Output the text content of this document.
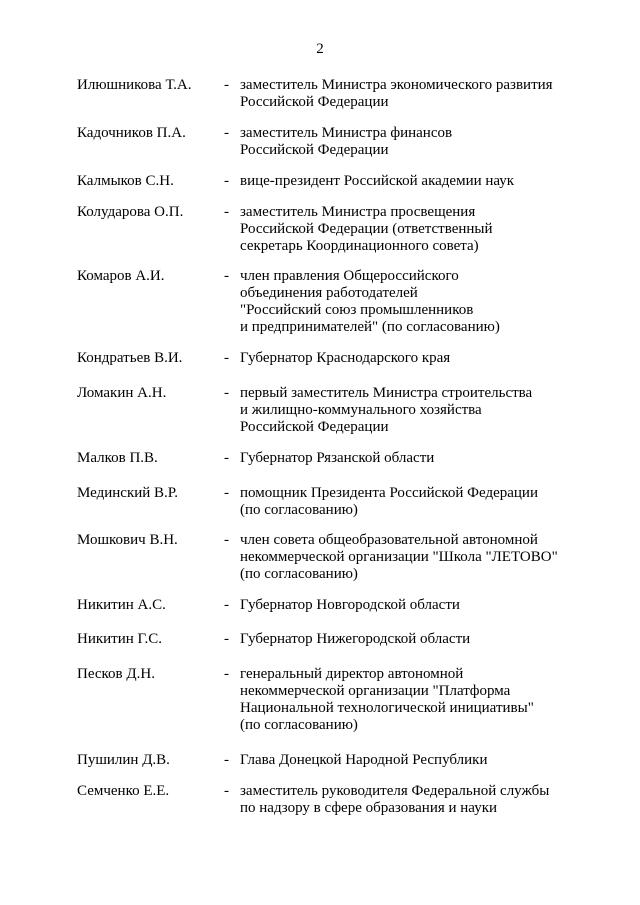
2
Илюшникова Т.А. - заместитель Министра экономического развития
Российской Федерации
Кадочников П.А.	- заместитель Министра финансов
Российской Федерации
Калмыков С.Н.	- вице-президент Российской академии наук
Колударова О.П.	- заместитель Министра просвещения
Российской Федерации (ответственный
секретарь Координационного совета)
Комаров А.И.	- член правления Общероссийского
объединения работодателей
"Российский союз промышленников
и предпринимателей" (по согласованию)
Кондратьев В.И.	- Губернатор Краснодарского края
Ломакин А.Н.	- первый заместитель Министра строительства
и жилищно-коммунального хозяйства
Российской Федерации
Малков П.В.	- Губернатор Рязанской области
Мединский В.Р.	- помощник Президента Российской Федерации
(по согласованию)
Мошкович В.Н.	- член совета общеобразовательной автономной
некоммерческой организации "Школа "ЛЕТОВО"
(по согласованию)
Никитин А.С.	- Губернатор Новгородской области
Никитин Г.С.	- Губернатор Нижегородской области
Песков Д.Н.	- генеральный директор автономной
некоммерческой организации "Платформа
Национальной технологической инициативы"
(по согласованию)
Пушилин Д.В.	- Глава Донецкой Народной Республики
Семченко Е.Е.	- заместитель руководителя Федеральной службы
по надзору в сфере образования и науки
